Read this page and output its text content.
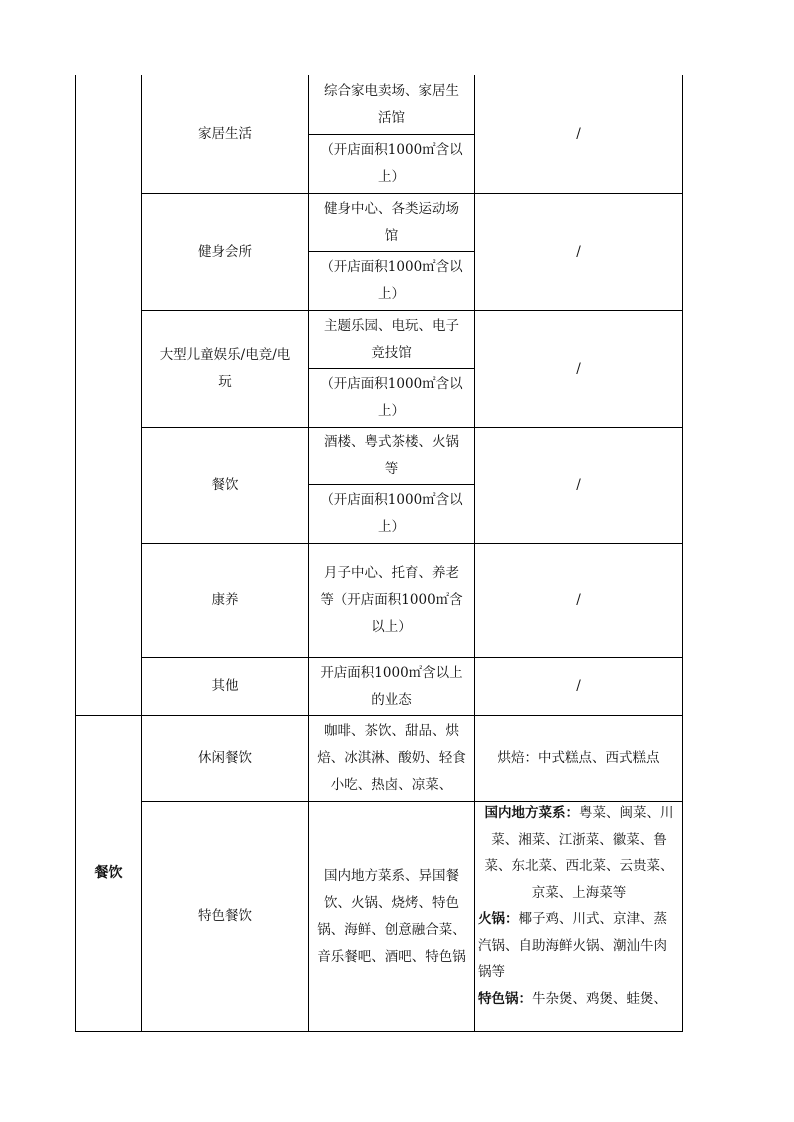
家居生活
综合家电卖场、家居生活馆
（开店面积1000㎡含以上）
/
健身会所
健身中心、各类运动场馆
（开店面积1000㎡含以上）
/
大型儿童娱乐/电竞/电玩
主题乐园、电玩、电子竞技馆
（开店面积1000㎡含以上）
/
餐饮
酒楼、粤式茶楼、火锅等
（开店面积1000㎡含以上）
/
康养
月子中心、托育、养老等（开店面积1000㎡含以上）
/
其他
开店面积1000㎡含以上的业态
/
餐饮
休闲餐饮
咖啡、茶饮、甜品、烘焙、冰淇淋、酸奶、轻食小吃、热卤、凉菜、
烘焙：中式糕点、西式糕点
特色餐饮
国内地方菜系、异国餐饮、火锅、烧烤、特色锅、海鲜、创意融合菜、音乐餐吧、酒吧、特色锅
国内地方菜系：粤菜、闽菜、川菜、湘菜、江浙菜、徽菜、鲁菜、东北菜、西北菜、云贵菜、京菜、上海菜等
火锅：椰子鸡、川式、京津、蒸汽锅、自助海鲜火锅、潮汕牛肉锅等
特色锅：牛杂煲、鸡煲、蛙煲、
